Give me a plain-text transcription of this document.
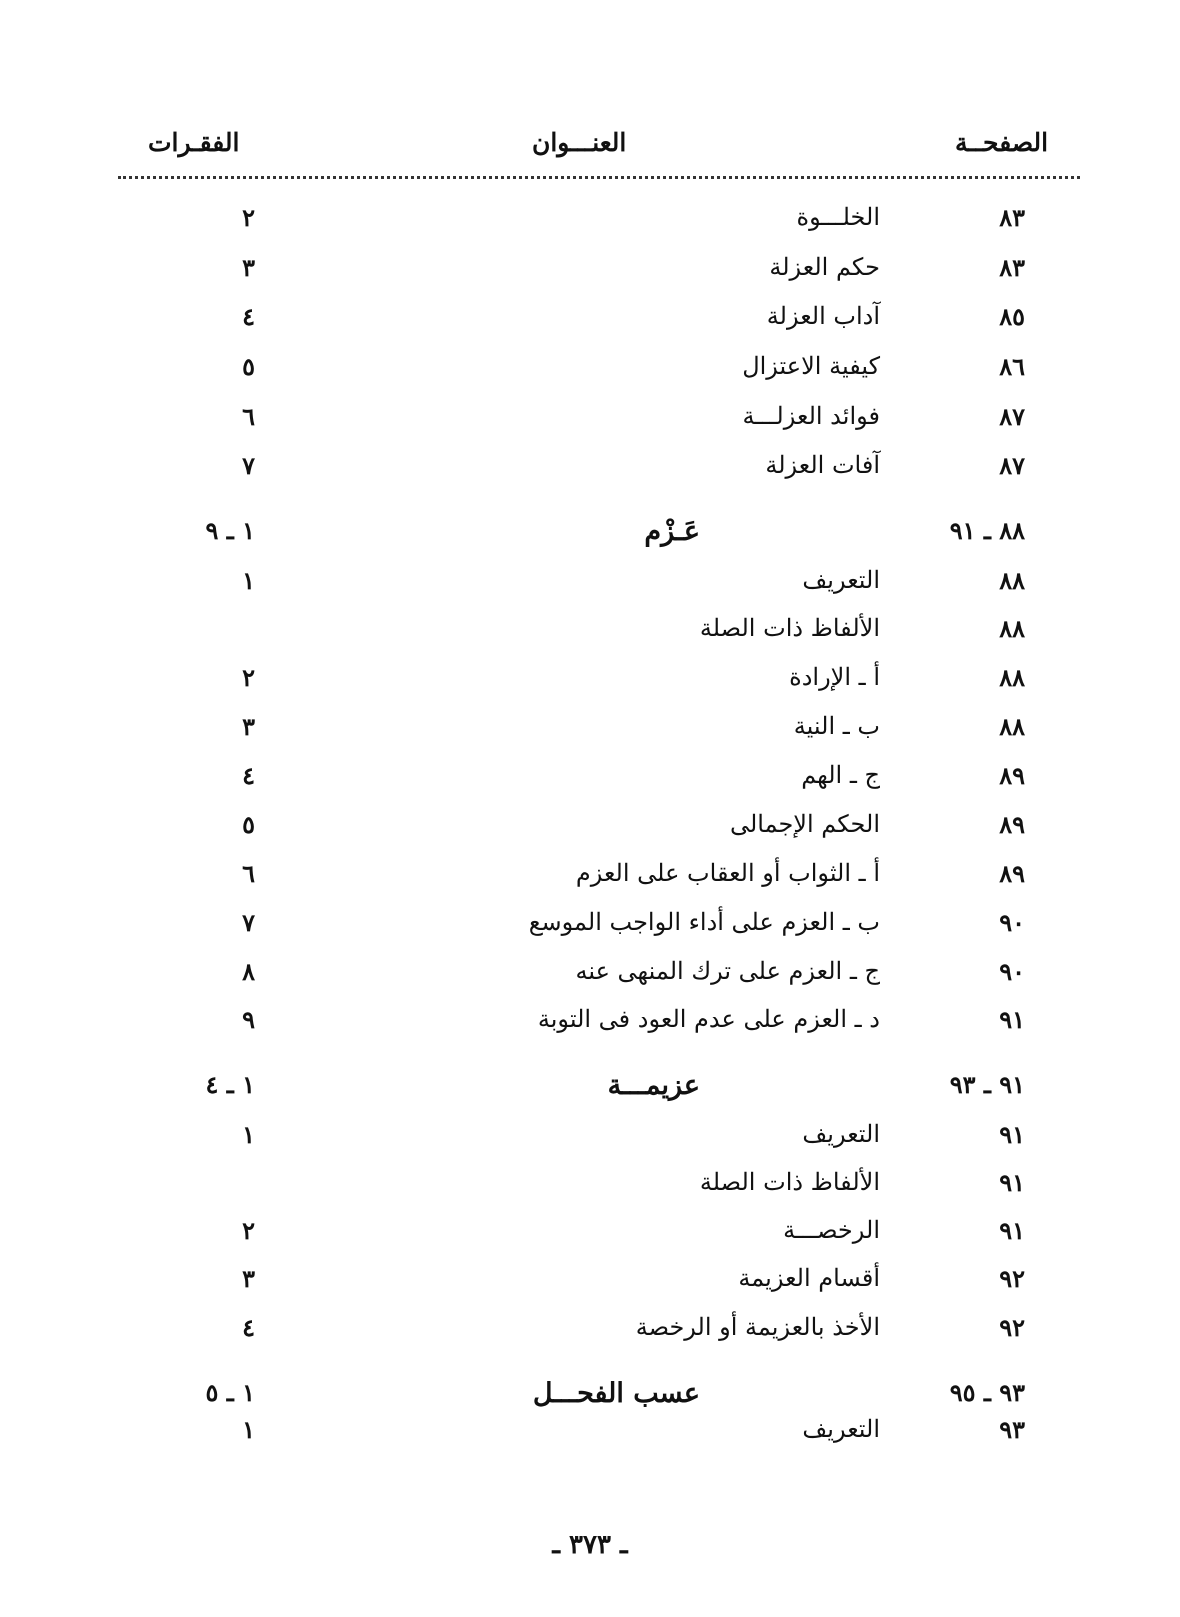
الصفحــة
العنـــوان
الفقـرات
٨٣
الخلـــوة
٢
٨٣
حكم العزلة
٣
٨٥
آداب العزلة
٤
٨٦
كيفية الاعتزال
٥
٨٧
فوائد العزلـــة
٦
٨٧
آفات العزلة
٧
٨٨ ـ ٩١
عَـزْم
١ ـ ٩
٨٨
التعريف
١
٨٨
الألفاظ ذات الصلة
٨٨
أ ـ الإرادة
٢
٨٨
ب ـ النية
٣
٨٩
ج ـ الهم
٤
٨٩
الحكم الإجمالى
٥
٨٩
أ ـ الثواب أو العقاب على العزم
٦
٩٠
ب ـ العزم على أداء الواجب الموسع
٧
٩٠
ج ـ العزم على ترك المنهى عنه
٨
٩١
د ـ العزم على عدم العود فى التوبة
٩
٩١ ـ ٩٣
عزيمـــة
١ ـ ٤
٩١
التعريف
١
٩١
الألفاظ ذات الصلة
٩١
الرخصـــة
٢
٩٢
أقسام العزيمة
٣
٩٢
الأخذ بالعزيمة أو الرخصة
٤
٩٣ ـ ٩٥
عسب الفحـــل
١ ـ ٥
٩٣
التعريف
١
ـ ٣٧٣ ـ
